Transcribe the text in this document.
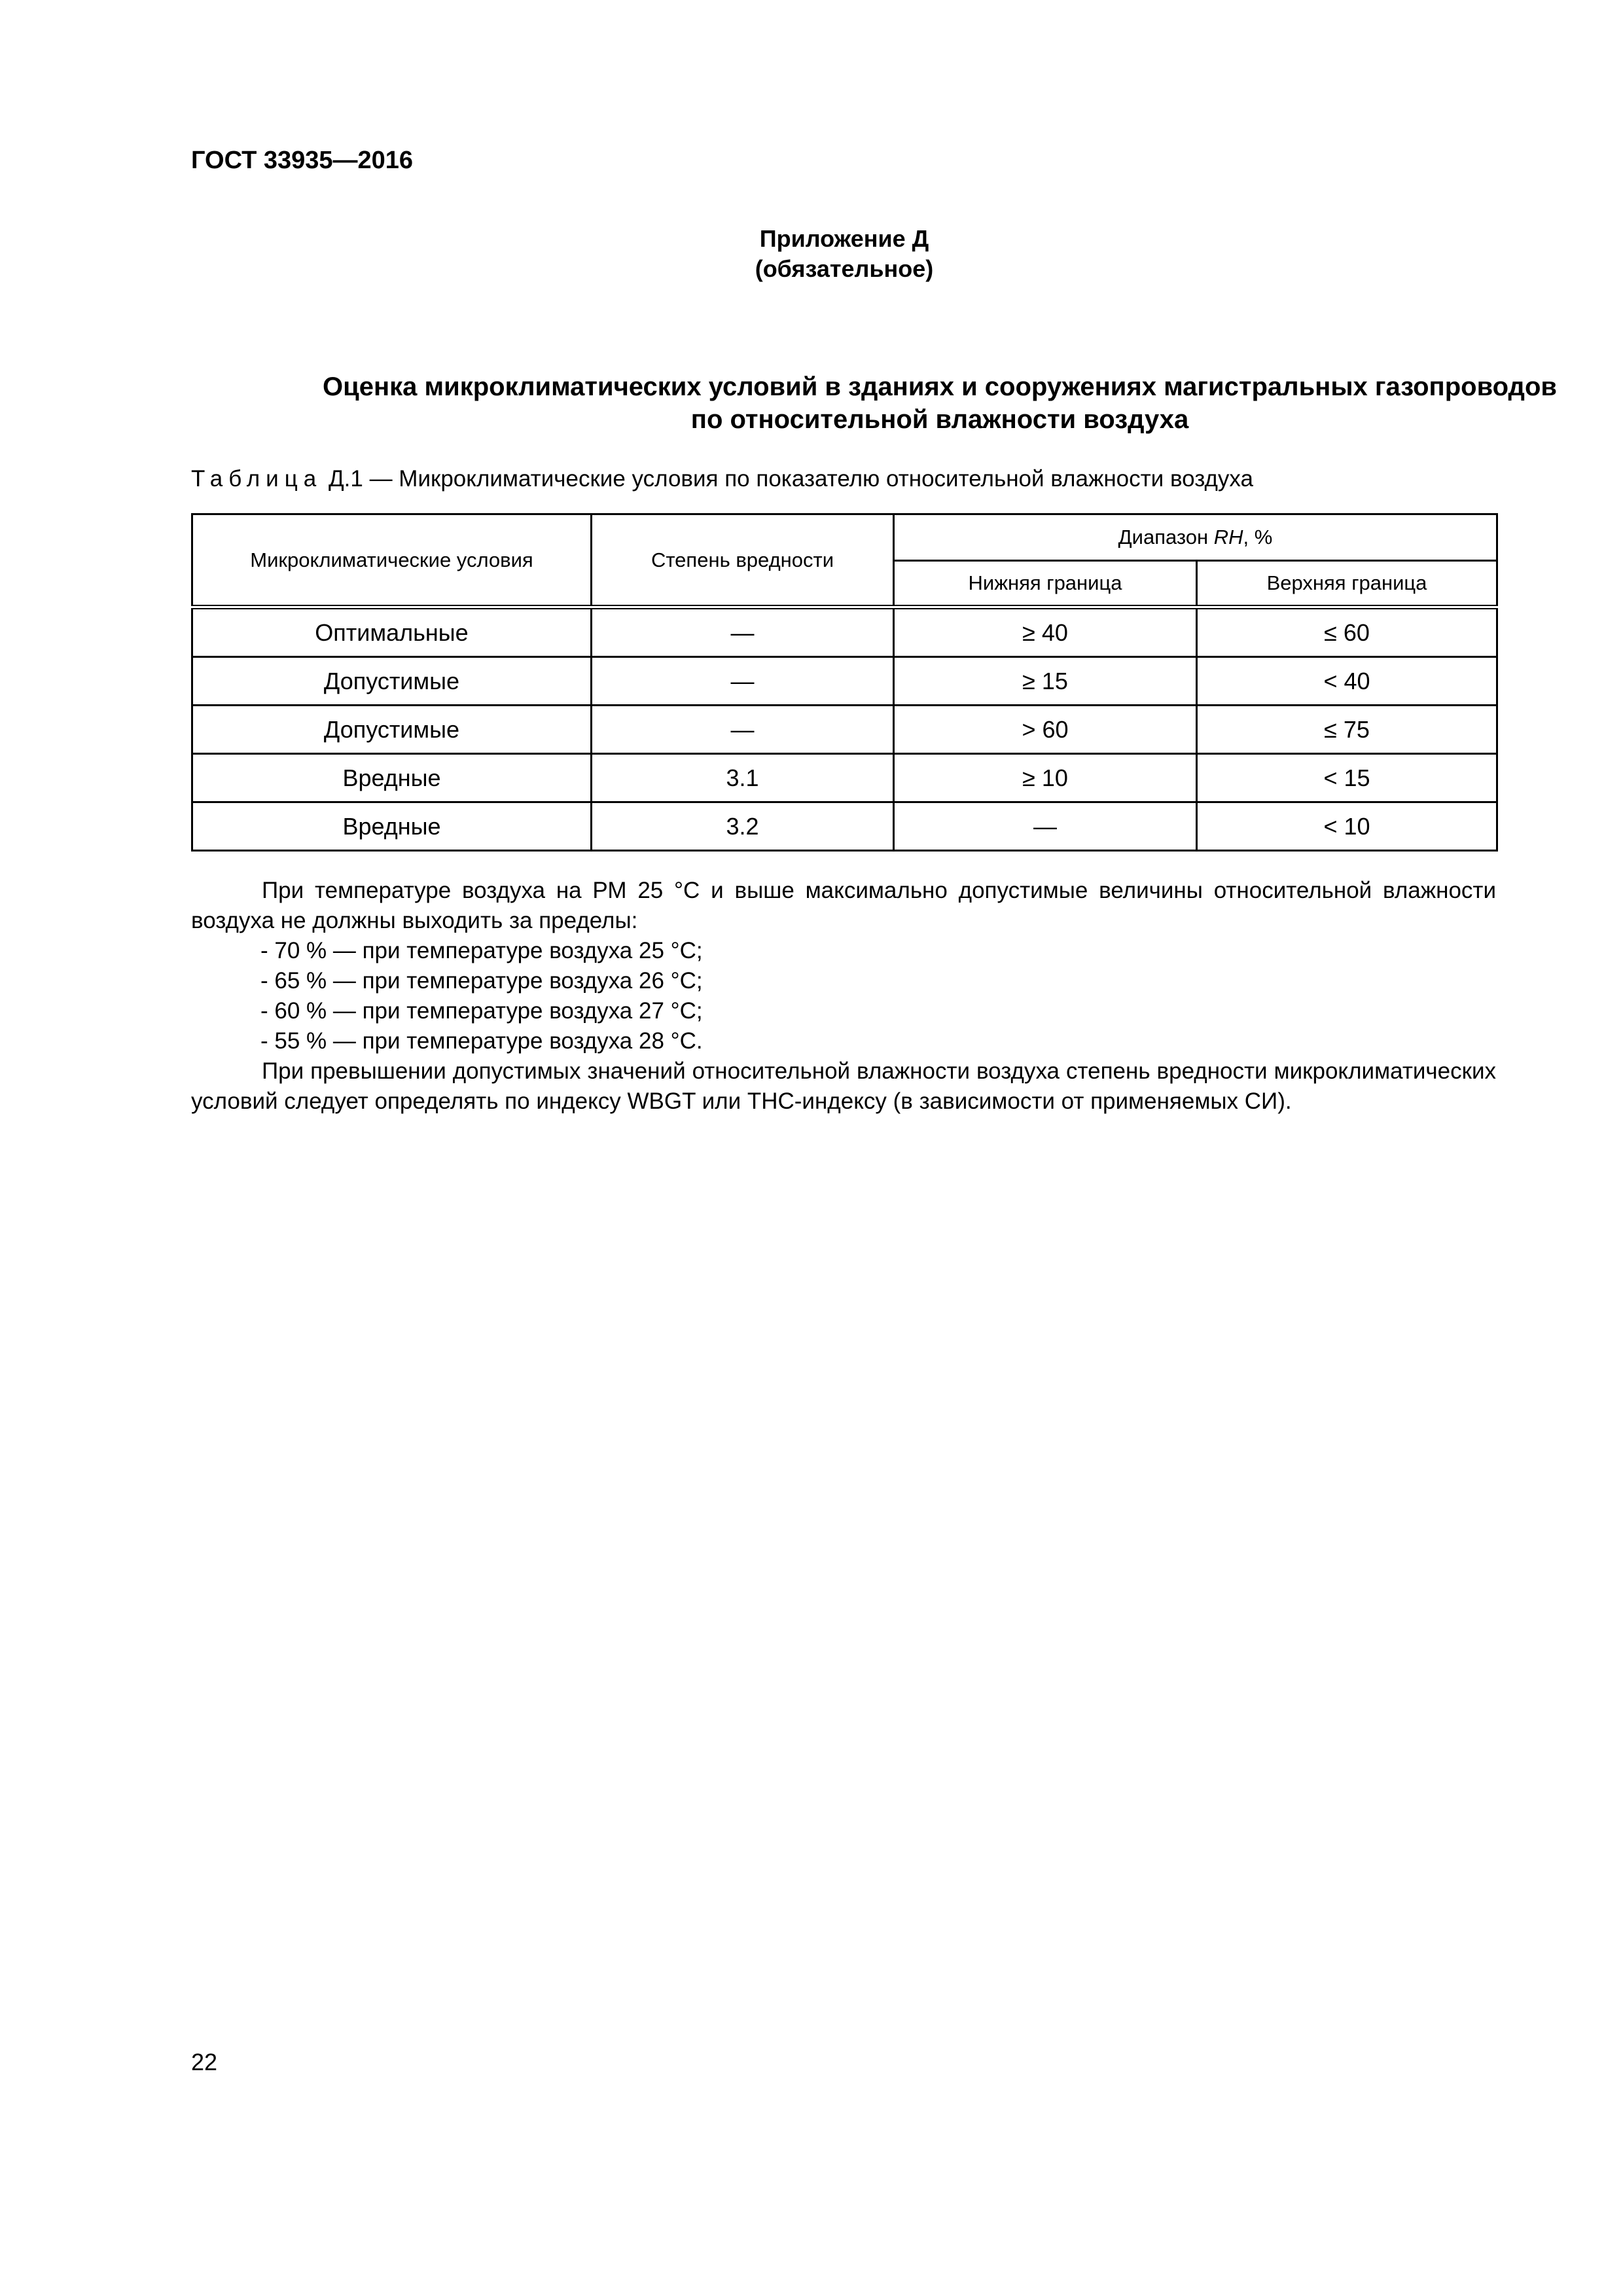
ГОСТ 33935—2016
Приложение Д
(обязательное)
Оценка микроклиматических условий в зданиях и сооружениях магистральных газопроводов
по относительной влажности воздуха
Таблица Д.1 — Микроклиматические условия по показателю относительной влажности воздуха
Микроклиматические условия	Степень вредности	Диапазон RH, %	
		Нижняя граница	Верхняя граница
Оптимальные	—	≥ 40	≤ 60
Допустимые	—	≥ 15	< 40
Допустимые	—	> 60	≤ 75
Вредные	3.1	≥ 10	< 15
Вредные	3.2	—	< 10
При температуре воздуха на РМ 25 °С и выше максимально допустимые величины относительной влажности воздуха не должны выходить за пределы:
- 70 % — при температуре воздуха 25 °С;
- 65 % — при температуре воздуха 26 °С;
- 60 % — при температуре воздуха 27 °С;
- 55 % — при температуре воздуха 28 °С.
При превышении допустимых значений относительной влажности воздуха степень вредности микроклиматических условий следует определять по индексу WBGT или ТНС-индексу (в зависимости от применяемых СИ).
22
